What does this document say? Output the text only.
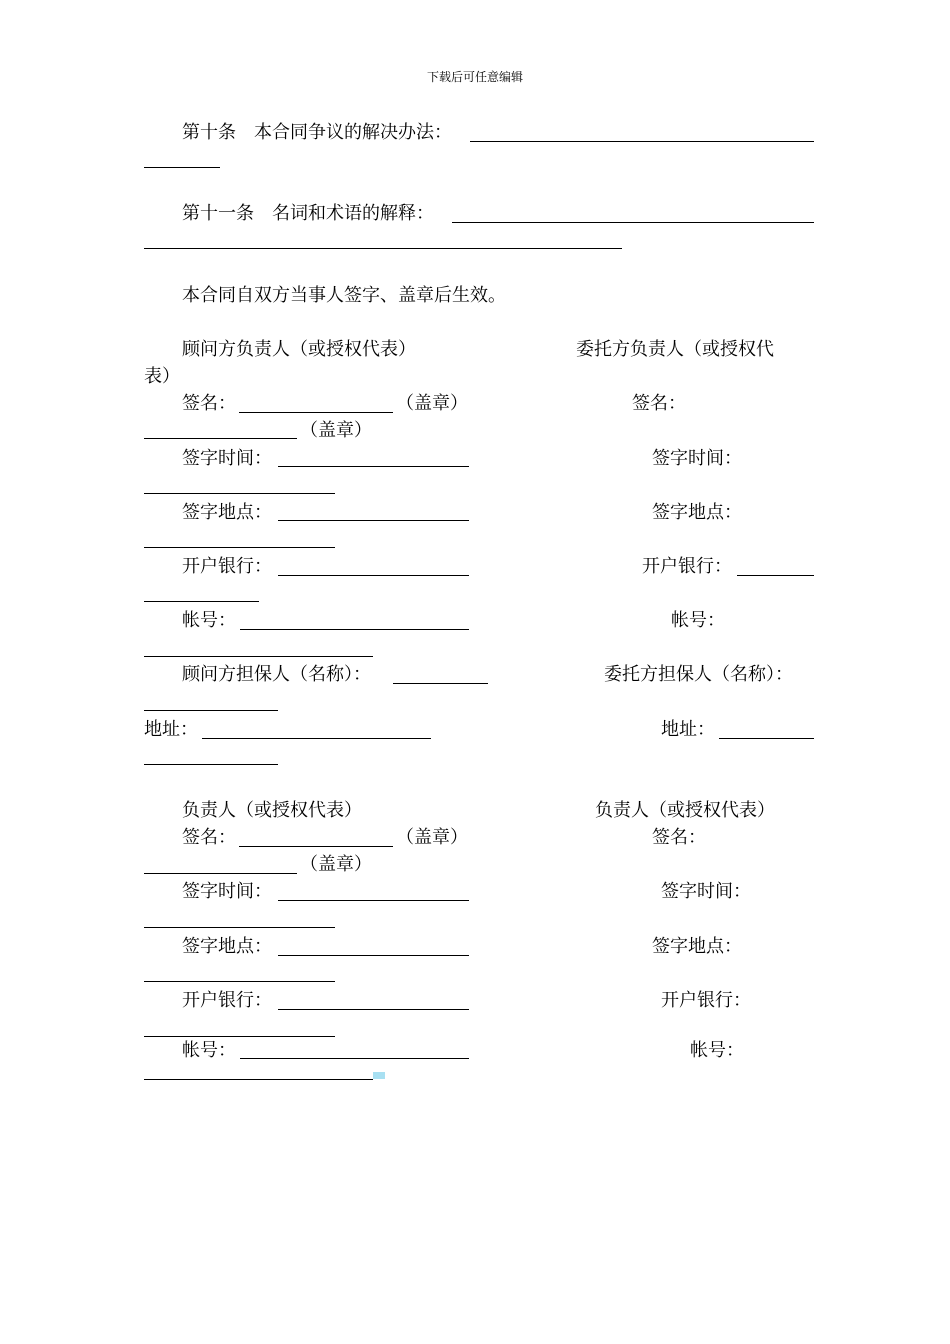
下载后可任意编辑
第十条　本合同争议的解决办法：
第十一条　名词和术语的解释：
本合同自双方当事人签字、盖章后生效。
顾问方负责人（或授权代表）	委托方负责人（或授权代
表）
签名：	（盖章）	签名：
（盖章）
签字时间：	签字时间：
签字地点：	签字地点：
开户银行：	开户银行：
帐号：	帐号：
顾问方担保人（名称）：	委托方担保人（名称）：
地址：	地址：
负责人（或授权代表）	负责人（或授权代表）
签名：	（盖章）	签名：
（盖章）
签字时间：	签字时间：
签字地点：	签字地点：
开户银行：	开户银行：
帐号：	帐号：
